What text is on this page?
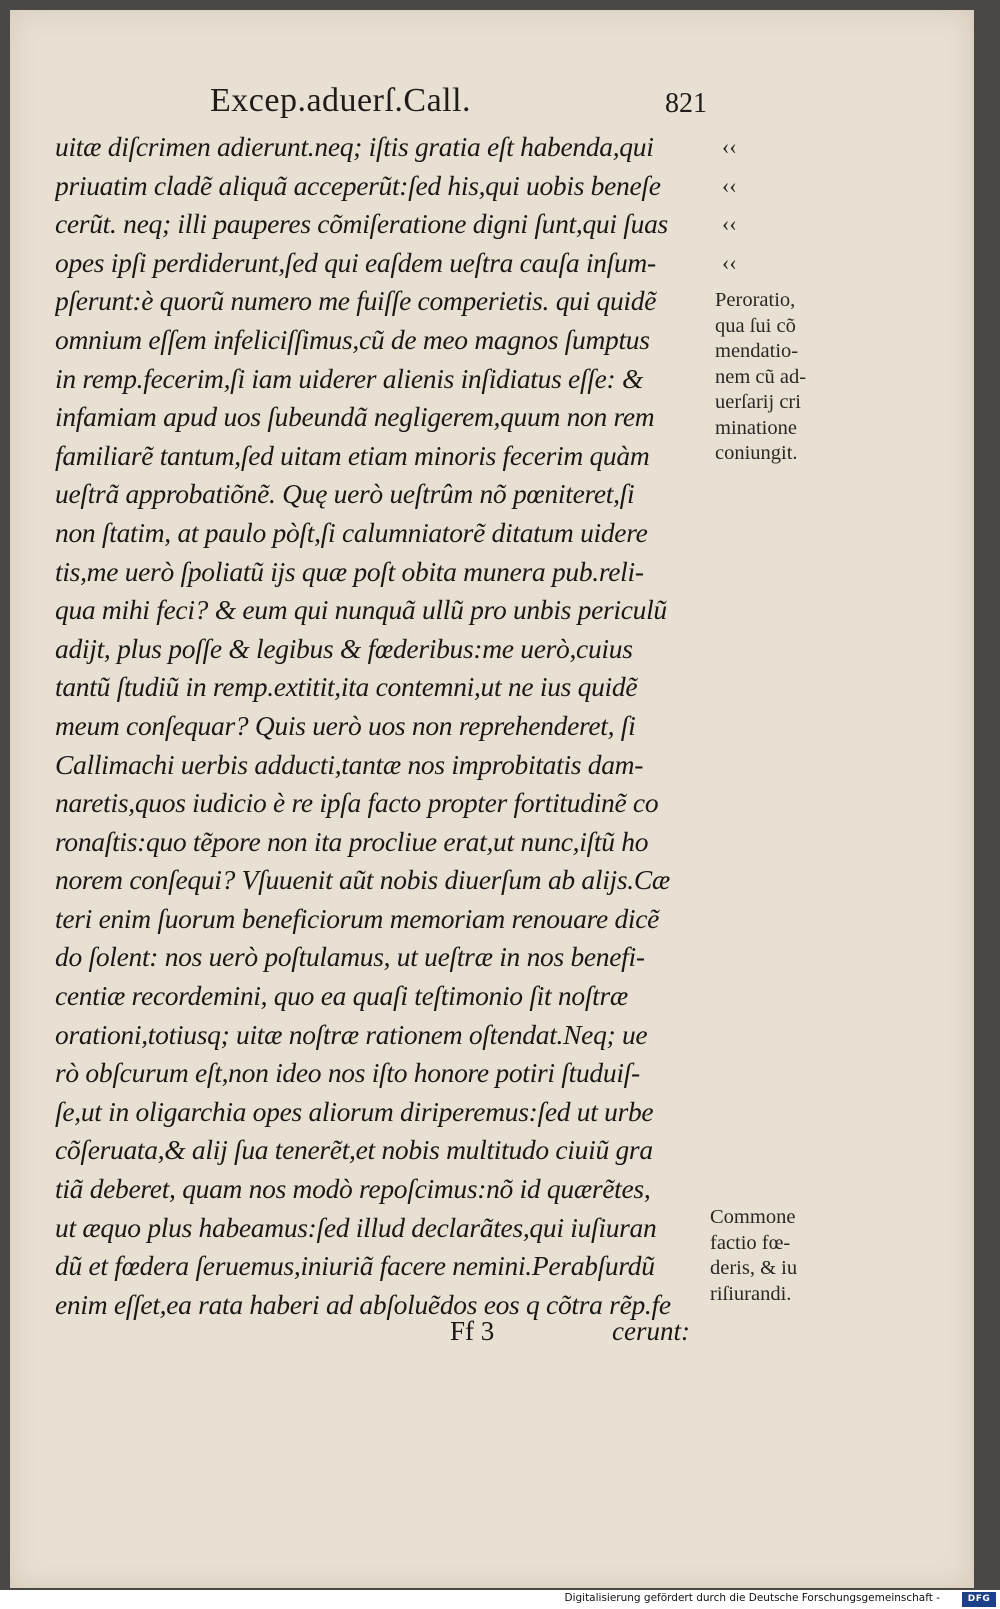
Excep.aduerſ.Call.	821
uitæ diſcrimen adierunt.neq; iſtis gratia eſt habenda,qui
priuatim cladẽ aliquã acceperũt:ſed his,qui uobis beneſe
cerũt. neq; illi pauperes cõmiſeratione digni ſunt,qui ſuas
opes ipſi perdiderunt,ſed qui eaſdem ueſtra cauſa inſum-
pſerunt:è quorũ numero me fuiſſe comperietis. qui quidẽ
omnium eſſem infeliciſſimus,cũ de meo magnos ſumptus
in remp.fecerim,ſi iam uiderer alienis inſidiatus eſſe: &
infamiam apud uos ſubeundã negligerem,quum non rem
familiarẽ tantum,ſed uitam etiam minoris fecerim quàm
ueſtrã approbatiõnẽ. Quę uerò ueſtrûm nõ pœniteret,ſi
non ſtatim, at paulo pòſt,ſi calumniatorẽ ditatum uidere
tis,me uerò ſpoliatũ ijs quæ poſt obita munera pub.reli-
qua mihi feci? & eum qui nunquã ullũ pro unbis periculũ
adijt, plus poſſe & legibus & fœderibus:me uerò,cuius
tantũ ſtudiũ in remp.extitit,ita contemni,ut ne ius quidẽ
meum conſequar? Quis uerò uos non reprehenderet, ſi
Callimachi uerbis adducti,tantæ nos improbitatis dam-
naretis,quos iudicio è re ipſa facto propter fortitudinẽ co
ronaſtis:quo tẽpore non ita procliue erat,ut nunc,iſtũ ho
norem conſequi? Vſuuenit aũt nobis diuerſum ab alijs.Cæ
teri enim ſuorum beneficiorum memoriam renouare dicẽ
do ſolent: nos uerò poſtulamus, ut ueſtræ in nos benefi-
centiæ recordemini, quo ea quaſi teſtimonio ſit noſtræ
orationi,totiusq; uitæ noſtræ rationem oſtendat.Neq; ue
rò obſcurum eſt,non ideo nos iſto honore potiri ſtuduiſ-
ſe,ut in oligarchia opes aliorum diriperemus:ſed ut urbe
cõſeruata,& alij ſua tenerẽt,et nobis multitudo ciuiũ gra
tiã deberet, quam nos modò repoſcimus:nõ id quærẽtes,
ut æquo plus habeamus:ſed illud declarãtes,qui iuſiuran
dũ et fœdera ſeruemus,iniuriã facere nemini.Perabſurdũ
enim eſſet,ea rata haberi ad abſoluẽdos eos q cõtra rẽp.fe
Ff 3	cerunt:
‹‹
‹‹
‹‹
‹‹
Peroratio,
qua ſui cõ
mendatio-
nem cũ ad-
uerſarij cri
minatione
coniungit.
Commone
factio fœ-
deris, & iu
riſiurandi.
Digitalisierung gefördert durch die Deutsche Forschungsgemeinschaft -	DFG
